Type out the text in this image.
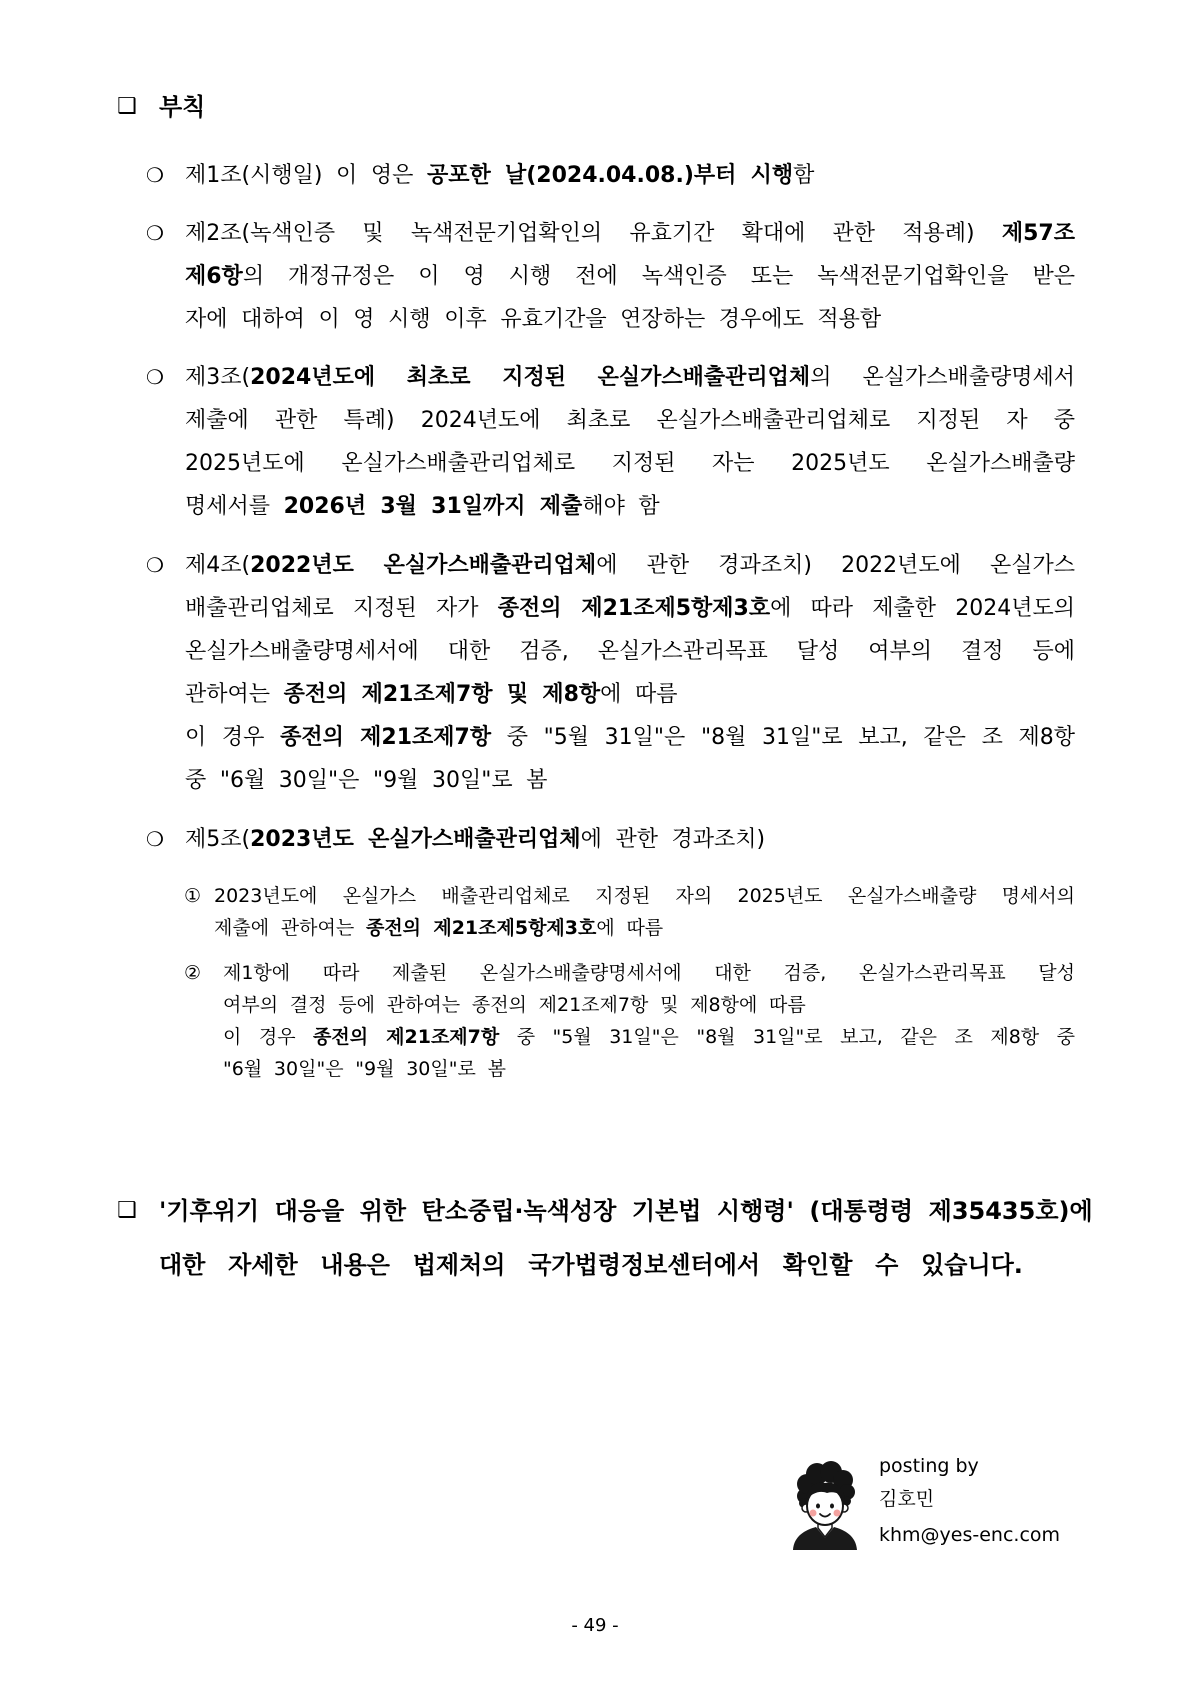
❑ 부칙
❍ 제1조(시행일) 이 영은 공포한 날(2024.04.08.)부터 시행함
❍ 제2조(녹색인증 및 녹색전문기업확인의 유효기간 확대에 관한 적용례) 제57조
제6항의 개정규정은 이 영 시행 전에 녹색인증 또는 녹색전문기업확인을 받은
자에 대하여 이 영 시행 이후 유효기간을 연장하는 경우에도 적용함
❍ 제3조(2024년도에 최초로 지정된 온실가스배출관리업체의 온실가스배출량명세서
제출에 관한 특례) 2024년도에 최초로 온실가스배출관리업체로 지정된 자 중
2025년도에 온실가스배출관리업체로 지정된 자는 2025년도 온실가스배출량
명세서를 2026년 3월 31일까지 제출해야 함
❍ 제4조(2022년도 온실가스배출관리업체에 관한 경과조치) 2022년도에 온실가스
배출관리업체로 지정된 자가 종전의 제21조제5항제3호에 따라 제출한 2024년도의
온실가스배출량명세서에 대한 검증, 온실가스관리목표 달성 여부의 결정 등에
관하여는 종전의 제21조제7항 및 제8항에 따름
이 경우 종전의 제21조제7항 중 "5월 31일"은 "8월 31일"로 보고, 같은 조 제8항
중 "6월 30일"은 "9월 30일"로 봄
❍ 제5조(2023년도 온실가스배출관리업체에 관한 경과조치)
① 2023년도에 온실가스 배출관리업체로 지정된 자의 2025년도 온실가스배출량 명세서의
제출에 관하여는 종전의 제21조제5항제3호에 따름
② 제1항에 따라 제출된 온실가스배출량명세서에 대한 검증, 온실가스관리목표 달성
여부의 결정 등에 관하여는 종전의 제21조제7항 및 제8항에 따름
이 경우 종전의 제21조제7항 중 "5월 31일"은 "8월 31일"로 보고, 같은 조 제8항 중
"6월 30일"은 "9월 30일"로 봄
❑ '기후위기 대응을 위한 탄소중립·녹색성장 기본법 시행령' (대통령령 제35435호)에
대한 자세한 내용은 법제처의 국가법령정보센터에서 확인할 수 있습니다.
posting by
김호민
khm@yes-enc.com
- 49 -
